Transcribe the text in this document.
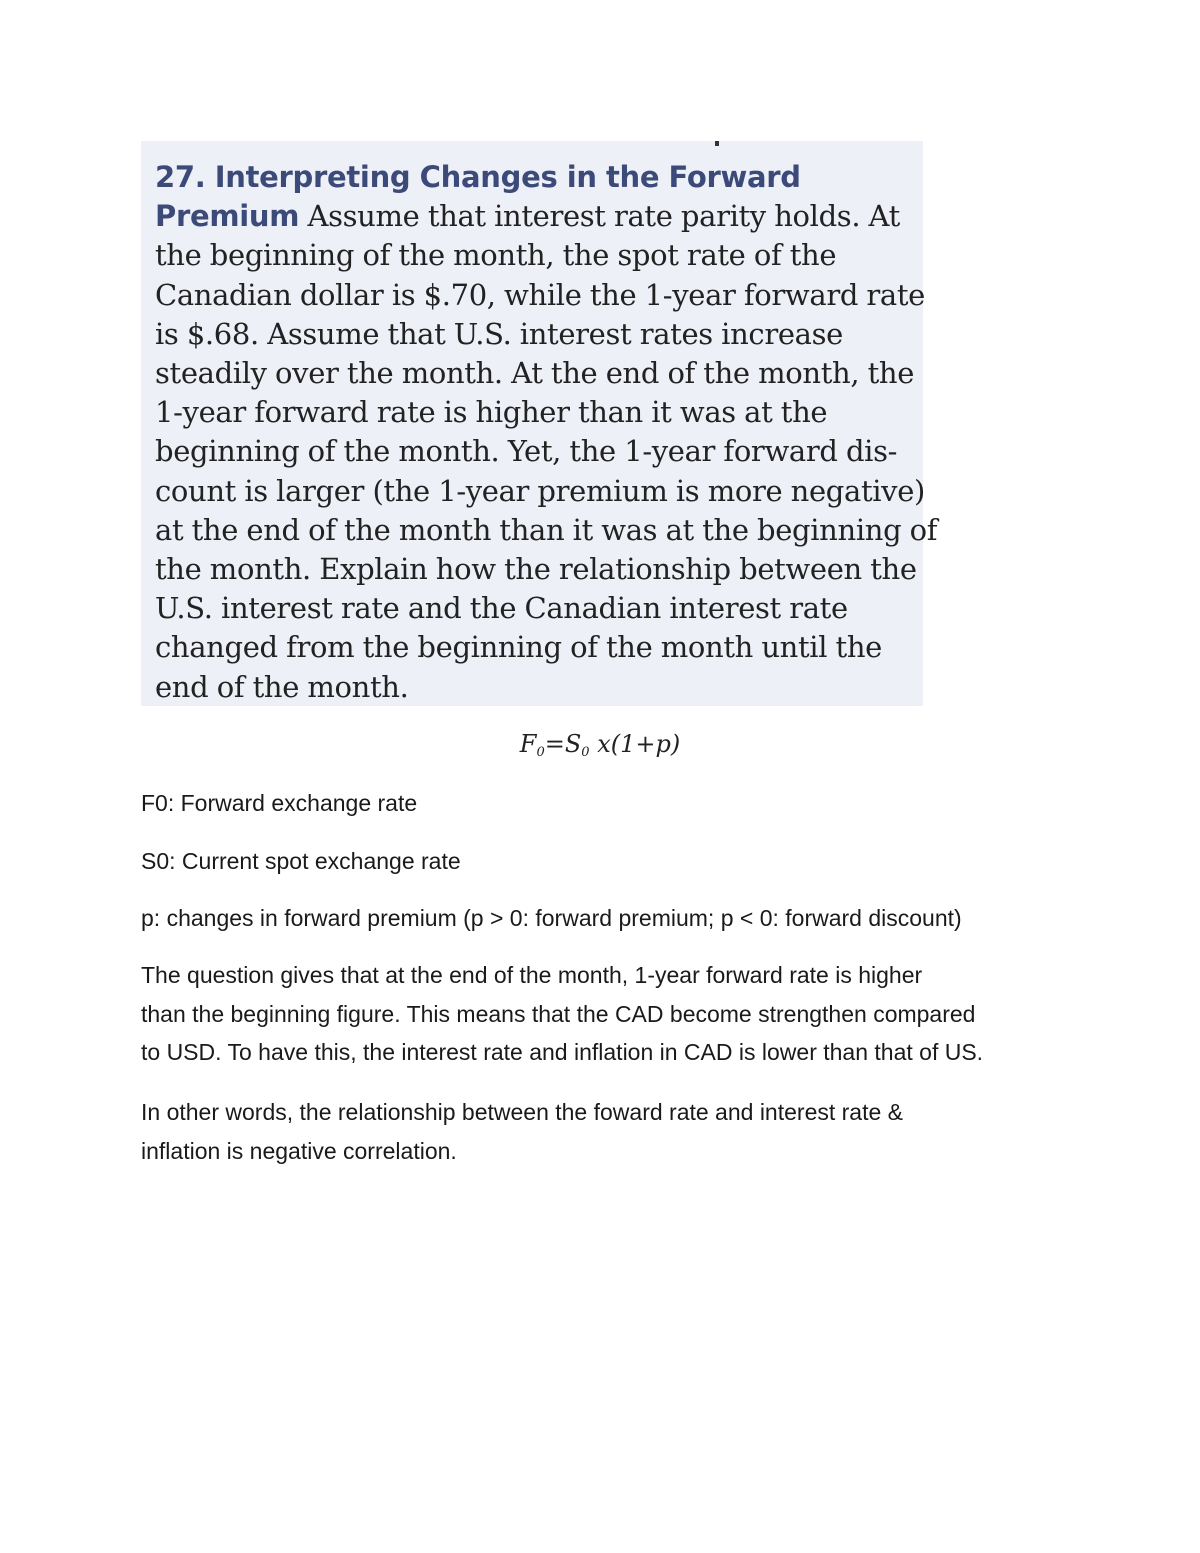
27. Interpreting Changes in the Forward
Premium Assume that interest rate parity holds. At
the beginning of the month, the spot rate of the
Canadian dollar is $.70, while the 1-year forward rate
is $.68. Assume that U.S. interest rates increase
steadily over the month. At the end of the month, the
1-year forward rate is higher than it was at the
beginning of the month. Yet, the 1-year forward dis-
count is larger (the 1-year premium is more negative)
at the end of the month than it was at the beginning of
the month. Explain how the relationship between the
U.S. interest rate and the Canadian interest rate
changed from the beginning of the month until the
end of the month.

$F_0=S_0$ x(1+p)

F0: Forward exchange rate

S0: Current spot exchange rate

p: changes in forward premium (p > 0: forward premium; p < 0: forward discount)

The question gives that at the end of the month, 1-year forward rate is higher
than the beginning figure. This means that the CAD become strengthen compared
to USD. To have this, the interest rate and inflation in CAD is lower than that of US.

In other words, the relationship between the foward rate and interest rate &
inflation is negative correlation.
